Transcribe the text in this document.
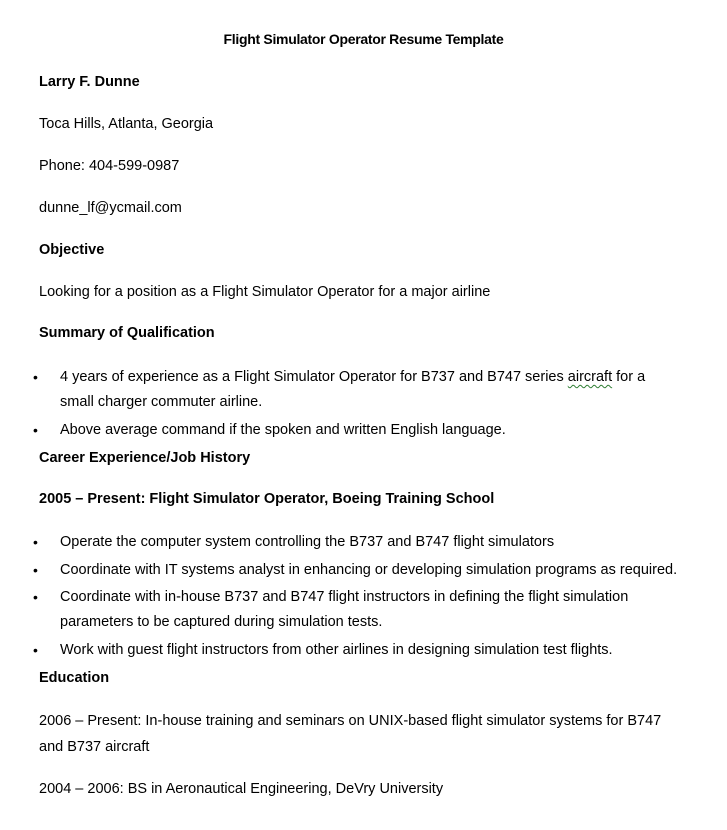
Flight Simulator Operator Resume Template
Larry F. Dunne
Toca Hills, Atlanta, Georgia
Phone: 404-599-0987
dunne_lf@ycmail.com
Objective
Looking for a position as a Flight Simulator Operator for a major airline
Summary of Qualification
•
4 years of experience as a Flight Simulator Operator for B737 and B747 series aircraft for a
small charger commuter airline.
•
Above average command if the spoken and written English language.
Career Experience/Job History
2005 – Present: Flight Simulator Operator, Boeing Training School
•
Operate the computer system controlling the B737 and B747 flight simulators
•
Coordinate with IT systems analyst in enhancing or developing simulation programs as required.
•
Coordinate with in-house B737 and B747 flight instructors in defining the flight simulation
parameters to be captured during simulation tests.
•
Work with guest flight instructors from other airlines in designing simulation test flights.
Education
2006 – Present: In-house training and seminars on UNIX-based flight simulator systems for B747
and B737 aircraft
2004 – 2006: BS in Aeronautical Engineering, DeVry University
